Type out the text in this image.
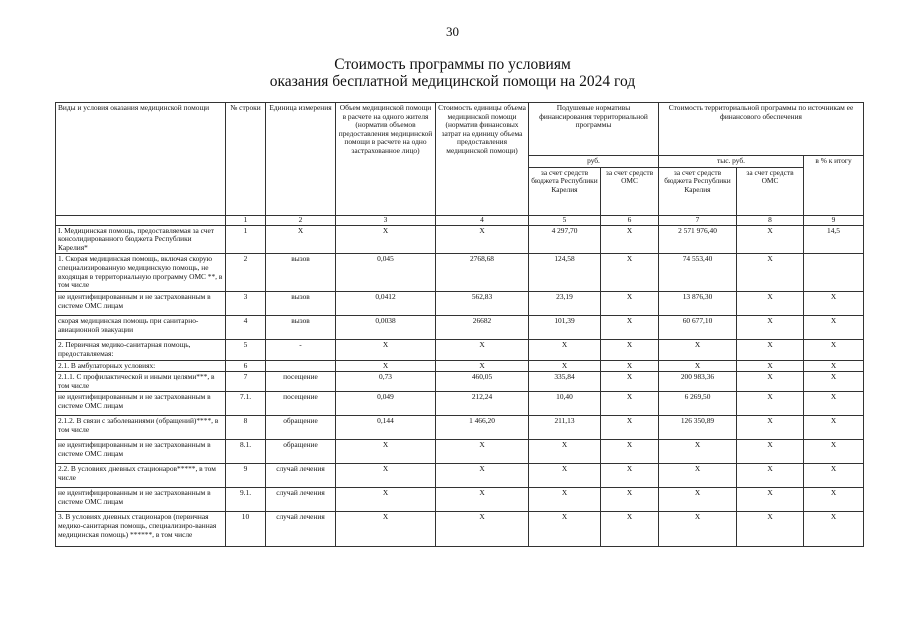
30
Стоимость программы по условиям
оказания бесплатной медицинской помощи на 2024 год
Виды и условия оказания медицинской помощи	№ строки	Единица измерения	Объем медицинской помощи в расчете на одного жителя (норматив объемов предоставления медицинской помощи в расчете на одно застрахованное лицо)	Стоимость единицы объема медицинской помощи (норматив финансовых затрат на единицу объема предоставления медицинской помощи)	Подушевые нормативы финансирования территориальной программы		Стоимость территориальной программы по источникам ее финансового обеспечения		
					руб.		тыс. руб.		в % к итогу
					за счет средств бюджета Республики Карелия	за счет средств ОМС	за счет средств бюджета Республики Карелия	за счет средств ОМС	
	1	2	3	4	5	6	7	8	9
I. Медицинская помощь, предоставляемая за счет консолидированного бюджета Республики Карелия*	1	Х	Х	Х	4 297,70	Х	2 571 976,40	Х	14,5
1. Скорая медицинская помощь, включая скорую специализированную медицинскую помощь, не входящая в территориальную программу ОМС **, в том числе	2	вызов	0,045	2768,68	124,58	Х	74 553,40	Х	
не идентифицированным и не застрахованным в системе ОМС лицам	3	вызов	0,0412	562,83	23,19	Х	13 876,30	Х	Х
скорая медицинская помощь при санитарно-авиационной эвакуации	4	вызов	0,0038	26682	101,39	Х	60 677,10	Х	Х
2. Первичная медико-санитарная помощь, предоставляемая:	5	-	Х	Х	Х	Х	Х	Х	Х
2.1. В амбулаторных условиях:	6		Х	Х	Х	Х	Х	Х	Х
2.1.1. С профилактической и иными целями***, в том числе	7	посещение	0,73	460,05	335,84	Х	200 983,36	Х	Х
не идентифицированным и не застрахованным в системе ОМС лицам	7.1.	посещение	0,049	212,24	10,40	Х	6 269,50	Х	Х
2.1.2. В связи с заболеваниями (обращений)****, в том числе	8	обращение	0,144	1 466,20	211,13	Х	126 350,89	Х	Х
не идентифицированным и не застрахованным в системе ОМС лицам	8.1.	обращение	Х	Х	Х	Х	Х	Х	Х
2.2. В условиях дневных стационаров*****, в том числе	9	случай лечения	Х	Х	Х	Х	Х	Х	Х
не идентифицированным и не застрахованным в системе ОМС лицам	9.1.	случай лечения	Х	Х	Х	Х	Х	Х	Х
3. В условиях дневных стационаров (первичная медико-санитарная помощь, специализиро-ванная медицинская помощь) ******, в том числе	10	случай лечения	Х	Х	Х	Х	Х	Х	Х
